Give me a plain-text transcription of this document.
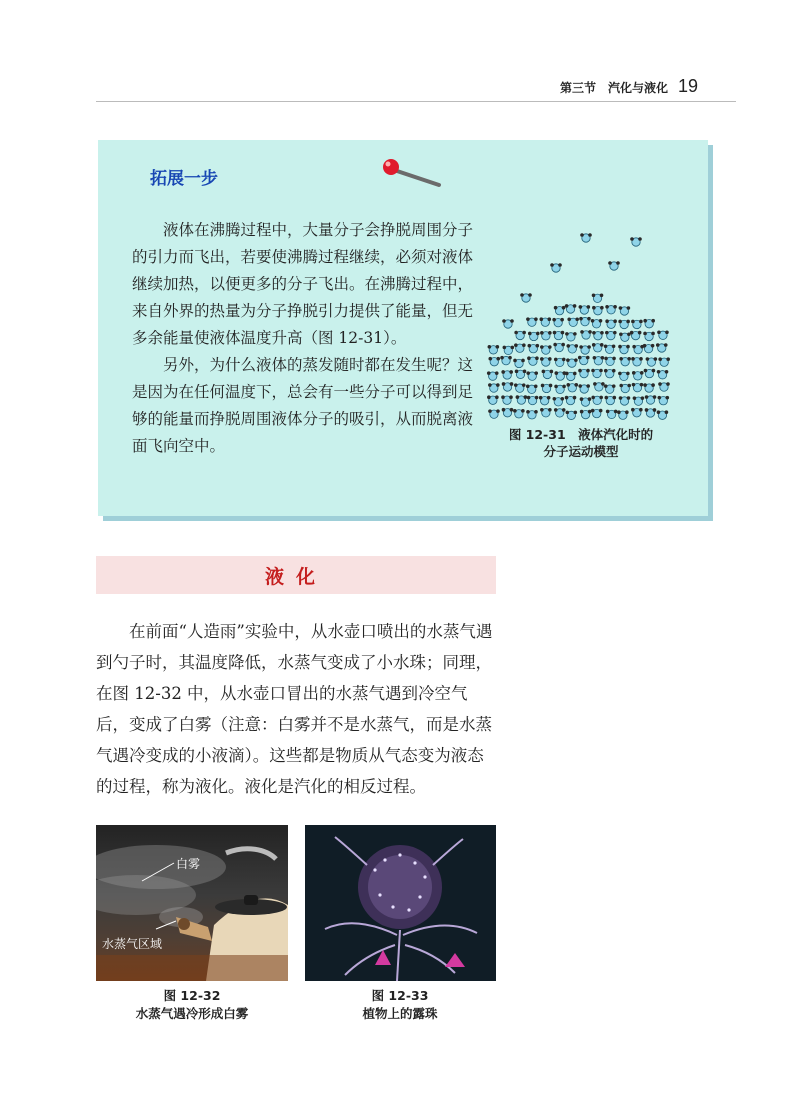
第三节　汽化与液化 19
拓展一步

液体在沸腾过程中，大量分子会挣脱周围分子的引力而飞出，若要使沸腾过程继续，必须对液体继续加热，以便更多的分子飞出。在沸腾过程中，来自外界的热量为分子挣脱引力提供了能量，但无多余能量使液体温度升高（图 12-31）。

另外，为什么液体的蒸发随时都在发生呢？这是因为在任何温度下，总会有一些分子可以得到足够的能量而挣脱周围液体分子的吸引，从而脱离液面飞向空中。

图 12-31　 液体汽化时的
分子运动模型
液化

在前面“人造雨”实验中，从水壶口喷出的水蒸气遇到勺子时，其温度降低，水蒸气变成了小水珠；同理，在图 12-32 中，从水壶口冒出的水蒸气遇到冷空气后，变成了白雾（注意：白雾并不是水蒸气，而是水蒸气遇冷变成的小液滴）。这些都是物质从气态变为液态的过程，称为液化。液化是汽化的相反过程。

白雾
水蒸气区域
图 12-32
水蒸气遇冷形成白雾
图 12-33
植物上的露珠
